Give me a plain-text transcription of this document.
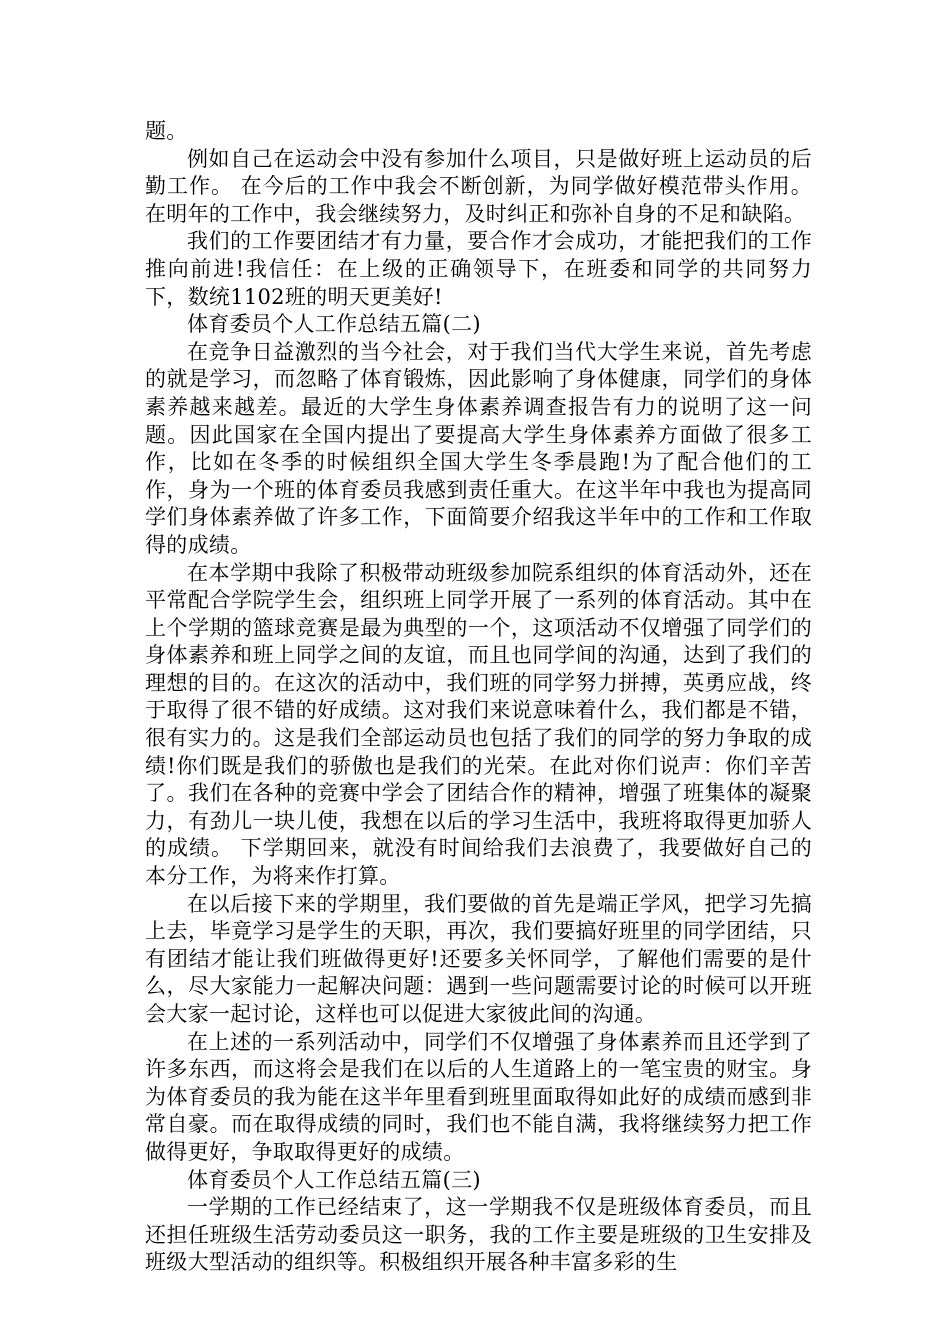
题。

例如自己在运动会中没有参加什么项目，只是做好班上运动员的后勤工作。 在今后的工作中我会不断创新，为同学做好模范带头作用。在明年的工作中，我会继续努力，及时纠正和弥补自身的不足和缺陷。

我们的工作要团结才有力量，要合作才会成功，才能把我们的工作推向前进!我信任：在上级的正确领导下，在班委和同学的共同努力下，数统1102班的明天更美好!

体育委员个人工作总结五篇(二)

在竞争日益激烈的当今社会，对于我们当代大学生来说，首先考虑的就是学习，而忽略了体育锻炼，因此影响了身体健康，同学们的身体素养越来越差。最近的大学生身体素养调查报告有力的说明了这一问题。因此国家在全国内提出了要提高大学生身体素养方面做了很多工作，比如在冬季的时候组织全国大学生冬季晨跑!为了配合他们的工作，身为一个班的体育委员我感到责任重大。在这半年中我也为提高同学们身体素养做了许多工作，下面简要介绍我这半年中的工作和工作取得的成绩。

在本学期中我除了积极带动班级参加院系组织的体育活动外，还在平常配合学院学生会，组织班上同学开展了一系列的体育活动。其中在上个学期的篮球竞赛是最为典型的一个，这项活动不仅增强了同学们的身体素养和班上同学之间的友谊，而且也同学间的沟通，达到了我们的理想的目的。在这次的活动中，我们班的同学努力拼搏，英勇应战，终于取得了很不错的好成绩。这对我们来说意味着什么，我们都是不错，很有实力的。这是我们全部运动员也包括了我们的同学的努力争取的成绩!你们既是我们的骄傲也是我们的光荣。在此对你们说声：你们辛苦了。我们在各种的竞赛中学会了团结合作的精神，增强了班集体的凝聚力，有劲儿一块儿使，我想在以后的学习生活中，我班将取得更加骄人的成绩。 下学期回来，就没有时间给我们去浪费了，我要做好自己的本分工作，为将来作打算。

在以后接下来的学期里，我们要做的首先是端正学风，把学习先搞上去，毕竟学习是学生的天职，再次，我们要搞好班里的同学团结，只有团结才能让我们班做得更好!还要多关怀同学，了解他们需要的是什么，尽大家能力一起解决问题：遇到一些问题需要讨论的时候可以开班会大家一起讨论，这样也可以促进大家彼此间的沟通。

在上述的一系列活动中，同学们不仅增强了身体素养而且还学到了许多东西，而这将会是我们在以后的人生道路上的一笔宝贵的财宝。身为体育委员的我为能在这半年里看到班里面取得如此好的成绩而感到非常自豪。而在取得成绩的同时，我们也不能自满，我将继续努力把工作做得更好，争取取得更好的成绩。

体育委员个人工作总结五篇(三)

一学期的工作已经结束了，这一学期我不仅是班级体育委员，而且还担任班级生活劳动委员这一职务，我的工作主要是班级的卫生安排及班级大型活动的组织等。积极组织开展各种丰富多彩的生
